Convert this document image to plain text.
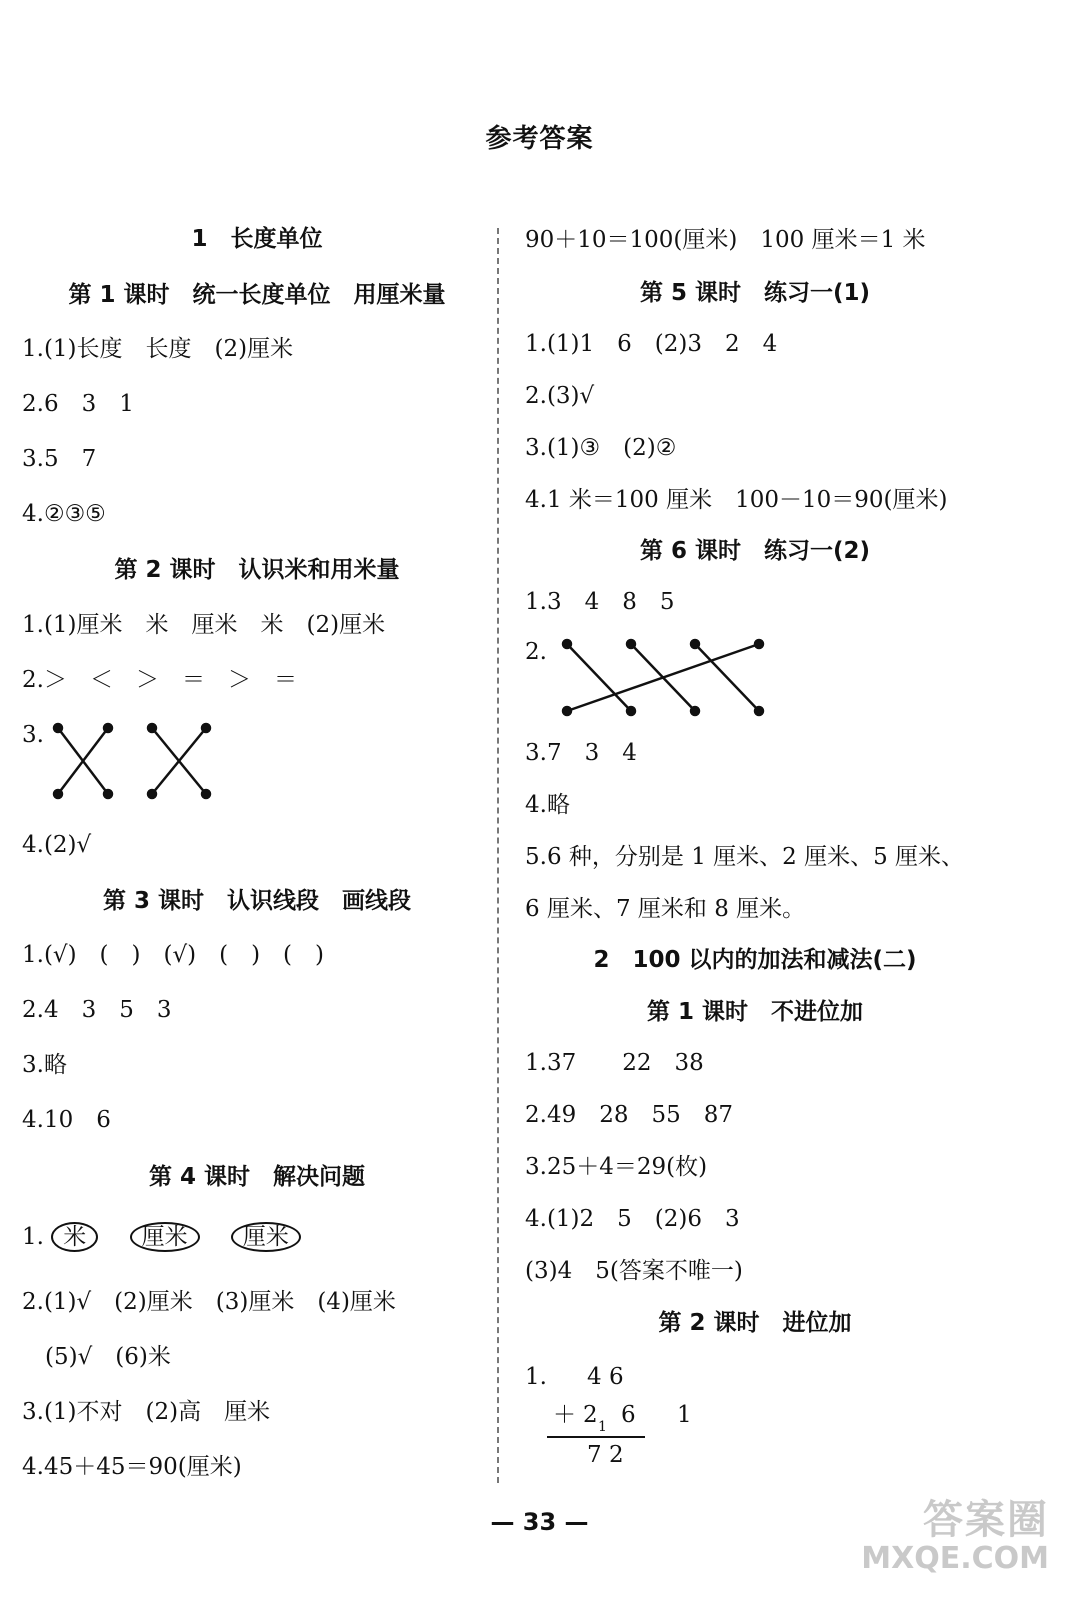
参考答案
1　长度单位
第 1 课时　统一长度单位　用厘米量
1.(1)长度　长度　(2)厘米
2.6　3　1
3.5　7
4.②③⑤
第 2 课时　认识米和用米量
1.(1)厘米　米　厘米　米　(2)厘米
2.＞　＜　＞　＝　＞　＝
3.
4.(2)√
第 3 课时　认识线段　画线段
1.(√)　(　)　(√)　(　)　(　)
2.4　3　5　3
3.略
4.10　6
第 4 课时　解决问题
1. 米 厘米 厘米
2.(1)√　(2)厘米　(3)厘米　(4)厘米
　(5)√　(6)米
3.(1)不对　(2)高　厘米
4.45＋45＝90(厘米)
90＋10＝100(厘米)　100 厘米＝1 米
第 5 课时　练习一(1)
1.(1)1　6　(2)3　2　4
2.(3)√
3.(1)③　(2)②
4.1 米＝100 厘米　100－10＝90(厘米)
第 6 课时　练习一(2)
1.3　4　8　5
2.
3.7　3　4
4.略
5.6 种，分别是 1 厘米、2 厘米、5 厘米、
6 厘米、7 厘米和 8 厘米。
2　100 以内的加法和减法(二)
第 1 课时　不进位加
1.37　　22　38
2.49　28　55　87
3.25＋4＝29(枚)
4.(1)2　5　(2)6　3
(3)4　5(答案不唯一)
第 2 课时　进位加
1. 4 6
＋ 2 1 6 1
7 2
— 33 —	答案圈
MXQE.COM
